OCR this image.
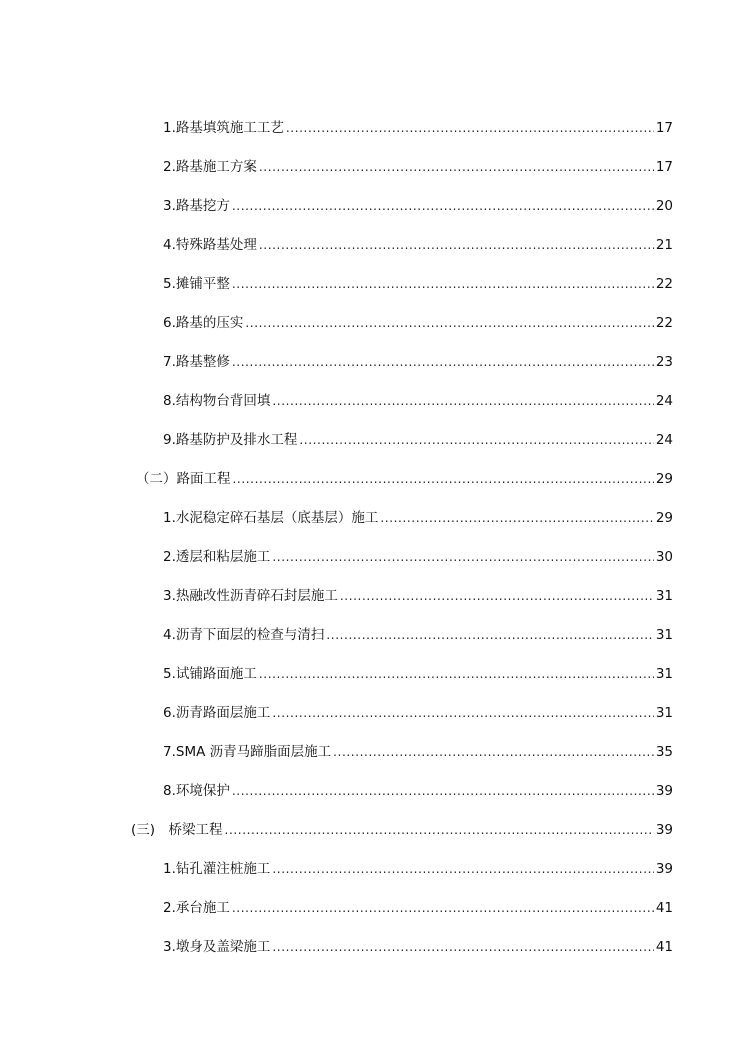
1.路基填筑施工工艺 .....	17
2.路基施工方案 .....	17
3.路基挖方 .....	20
4.特殊路基处理 .....	21
5.摊铺平整 .....	22
6.路基的压实 .....	22
7.路基整修 .....	23
8.结构物台背回填 .....	24
9.路基防护及排水工程 .....	24
（二）路面工程 .....	29
1.水泥稳定碎石基层（底基层）施工 .....	29
2.透层和粘层施工 .....	30
3.热融改性沥青碎石封层施工 .....	31
4.沥青下面层的检查与清扫 .....	31
5.试铺路面施工 .....	31
6.沥青路面层施工 .....	31
7.SMA 沥青马蹄脂面层施工 .....	35
8.环境保护 .....	39
(三)　桥梁工程 .....	39
1.钻孔灌注桩施工 .....	39
2.承台施工 .....	41
3.墩身及盖梁施工 .....	41
